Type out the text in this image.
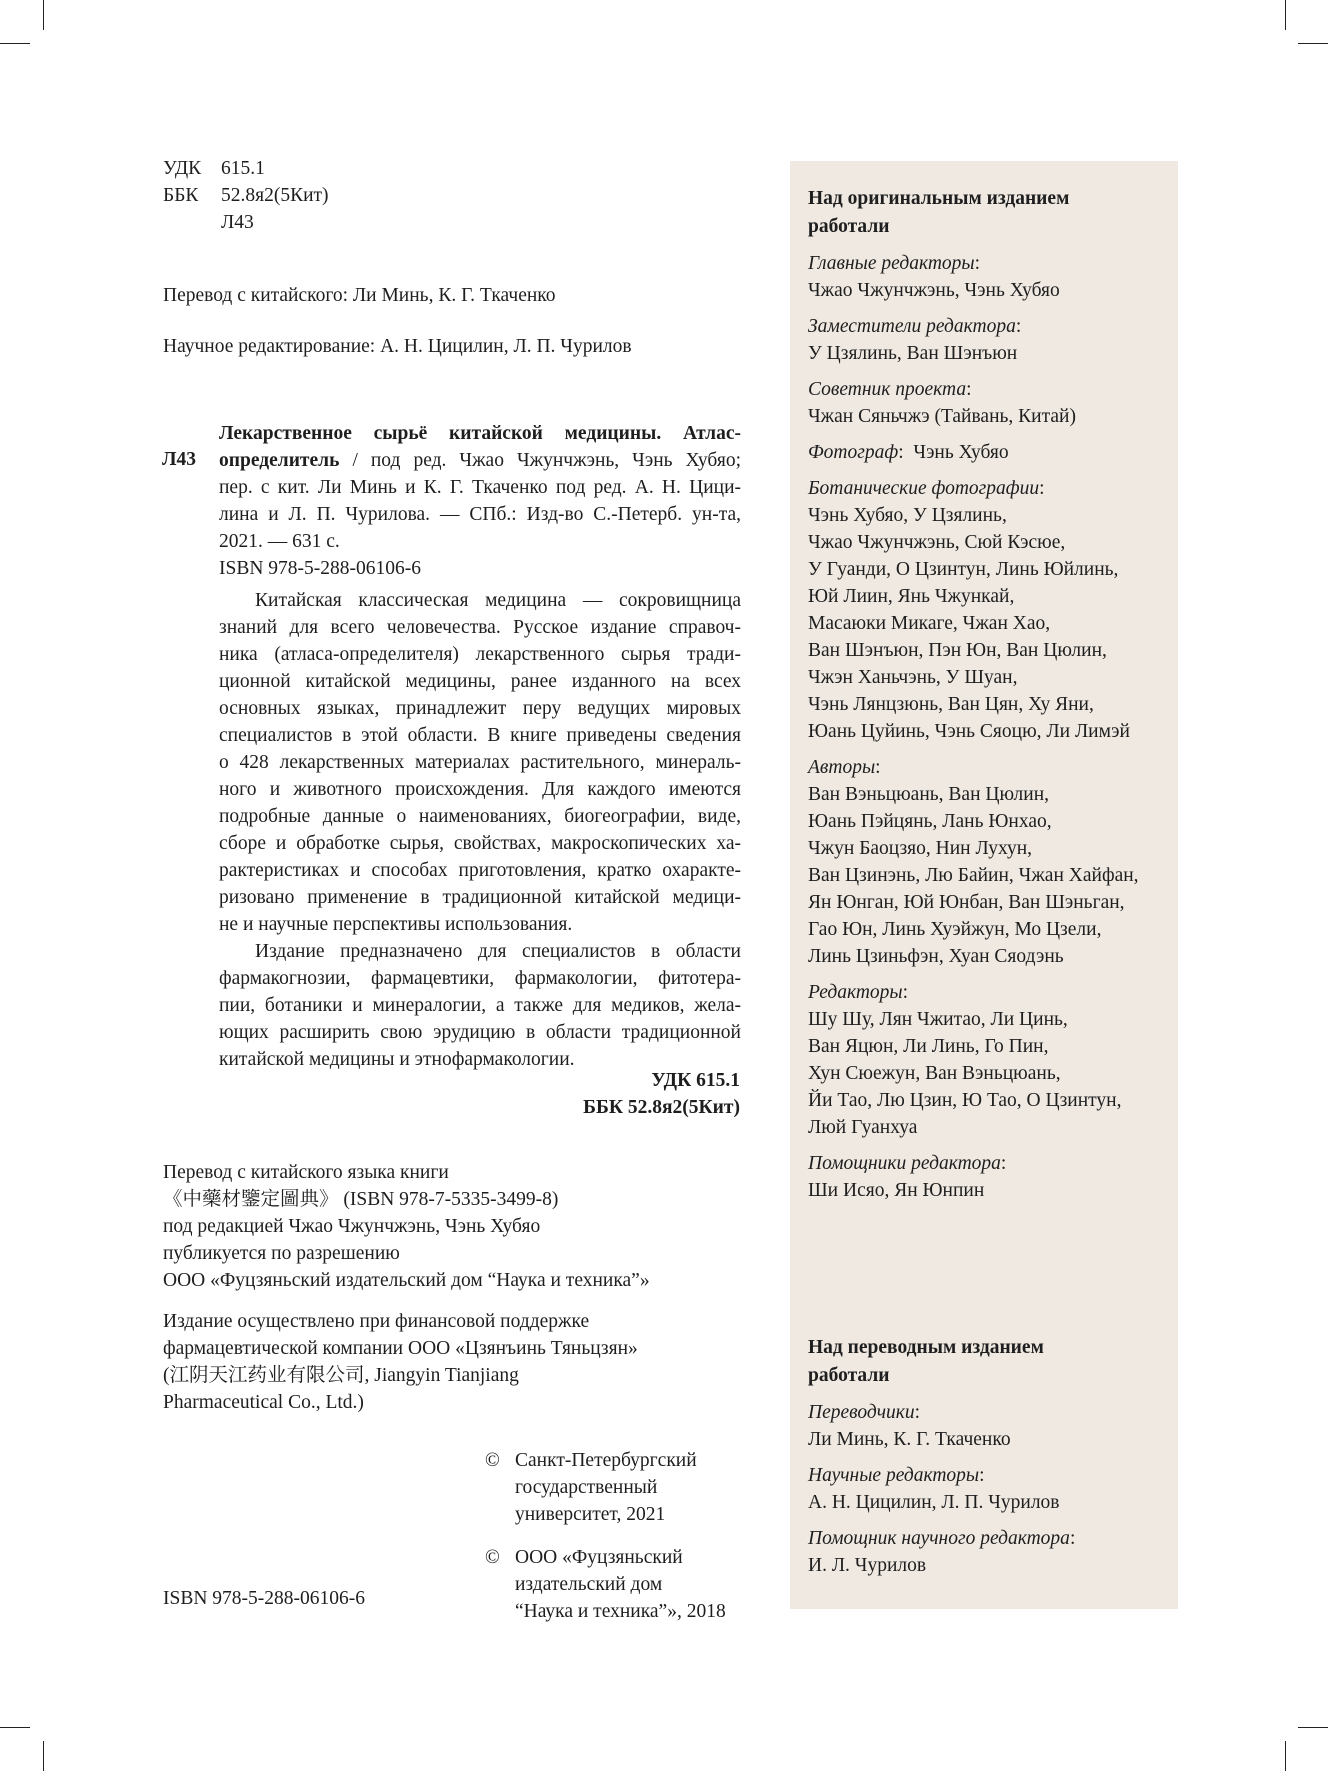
УДК	615.1
ББК	52.8я2(5Кит)
Л43
Перевод с китайского: Ли Минь, К. Г. Ткаченко
Научное редактирование: А. Н. Цицилин, Л. П. Чурилов
Л43
Лекарственное сырьё китайской медицины. Атлас-
определитель / под ред. Чжао Чжунчжэнь, Чэнь Хубяо;
пер. с кит. Ли Минь и К. Г. Ткаченко под ред. А. Н. Цици-
лина и Л. П. Чурилова. — СПб.: Изд-во С.-Петерб. ун-та,
2021. — 631 с.
ISBN 978-5-288-06106-6
Китайская классическая медицина — сокровищница
знаний для всего человечества. Русское издание справоч-
ника (атласа-определителя) лекарственного сырья тради-
ционной китайской медицины, ранее изданного на всех
основных языках, принадлежит перу ведущих мировых
специалистов в этой области. В книге приведены сведения
о 428 лекарственных материалах растительного, минераль-
ного и животного происхождения. Для каждого имеются
подробные данные о наименованиях, биогеографии, виде,
сборе и обработке сырья, свойствах, макроскопических ха-
рактеристиках и способах приготовления, кратко охаракте-
ризовано применение в традиционной китайской медици-
не и научные перспективы использования.
Издание предназначено для специалистов в области
фармакогнозии, фармацевтики, фармакологии, фитотера-
пии, ботаники и минералогии, а также для медиков, жела-
ющих расширить свою эрудицию в области традиционной
китайской медицины и этнофармакологии.
УДК 615.1
ББК 52.8я2(5Кит)
Перевод с китайского языка книги
《中藥材鑒定圖典》 (ISBN 978-7-5335-3499-8)
под редакцией Чжао Чжунчжэнь, Чэнь Хубяо
публикуется по разрешению
ООО «Фуцзяньский издательский дом “Наука и техника”»
Издание осуществлено при финансовой поддержке
фармацевтической компании ООО «Цзянъинь Тяньцзян»
(江阴天江药业有限公司, Jiangyin Tianjiang
Pharmaceutical Co., Ltd.)
© Санкт-Петербургский
государственный
университет, 2021
© ООО «Фуцзяньский
издательский дом
“Наука и техника”», 2018
ISBN 978-5-288-06106-6
Над оригинальным изданием
работали
Главные редакторы:
Чжао Чжунчжэнь, Чэнь Хубяо
Заместители редактора:
У Цзялинь, Ван Шэнъюн
Советник проекта:
Чжан Сяньчжэ (Тайвань, Китай)
Фотограф:  Чэнь Хубяо
Ботанические фотографии:
Чэнь Хубяо, У Цзялинь,
Чжао Чжунчжэнь, Сюй Кэсюе,
У Гуанди, О Цзинтун, Линь Юйлинь,
Юй Лиин, Янь Чжункай,
Масаюки Микаге, Чжан Хао,
Ван Шэнъюн, Пэн Юн, Ван Цюлин,
Чжэн Ханьчэнь, У Шуан,
Чэнь Лянцзюнь, Ван Цян, Ху Яни,
Юань Цуйинь, Чэнь Сяоцю, Ли Лимэй
Авторы:
Ван Вэньцюань, Ван Цюлин,
Юань Пэйцянь, Лань Юнхао,
Чжун Баоцзяо, Нин Лухун,
Ван Цзинэнь, Лю Байин, Чжан Хайфан,
Ян Юнган, Юй Юнбан, Ван Шэньган,
Гао Юн, Линь Хуэйжун, Мо Цзели,
Линь Цзиньфэн, Хуан Сяодэнь
Редакторы:
Шу Шу, Лян Чжитао, Ли Цинь,
Ван Яцюн, Ли Линь, Го Пин,
Хун Сюежун, Ван Вэньцюань,
Йи Тао, Лю Цзин, Ю Тао, О Цзинтун,
Люй Гуанхуа
Помощники редактора:
Ши Исяо, Ян Юнпин
Над переводным изданием
работали
Переводчики:
Ли Минь, К. Г. Ткаченко
Научные редакторы:
А. Н. Цицилин, Л. П. Чурилов
Помощник научного редактора:
И. Л. Чурилов
